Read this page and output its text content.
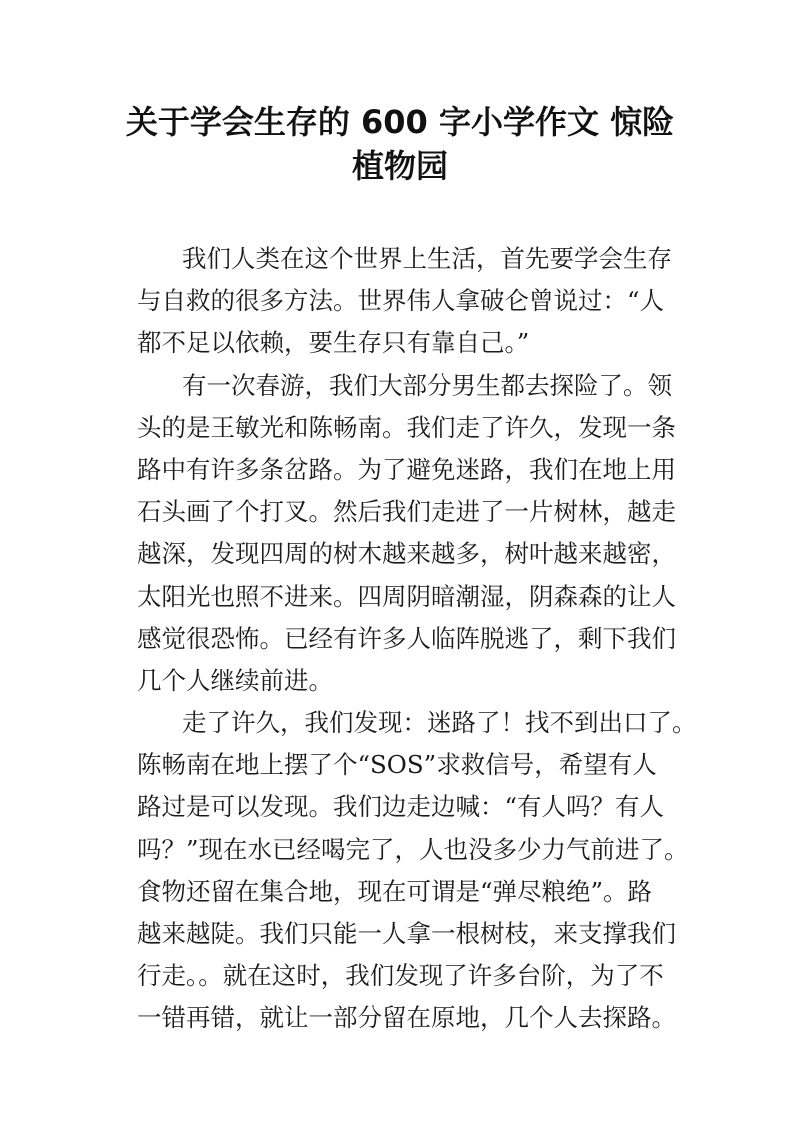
关于学会生存的 600 字小学作文 惊险
植物园
我们人类在这个世界上生活，首先要学会生存
与自救的很多方法。世界伟人拿破仑曾说过：“人
都不足以依赖，要生存只有靠自己。”
有一次春游，我们大部分男生都去探险了。领
头的是王敏光和陈畅南。我们走了许久，发现一条
路中有许多条岔路。为了避免迷路，我们在地上用
石头画了个打叉。然后我们走进了一片树林，越走
越深，发现四周的树木越来越多，树叶越来越密，
太阳光也照不进来。四周阴暗潮湿，阴森森的让人
感觉很恐怖。已经有许多人临阵脱逃了，剩下我们
几个人继续前进。
走了许久，我们发现：迷路了！找不到出口了。
陈畅南在地上摆了个“SOS”求救信号，希望有人
路过是可以发现。我们边走边喊：“有人吗？有人
吗？”现在水已经喝完了，人也没多少力气前进了。
食物还留在集合地，现在可谓是“弹尽粮绝”。路
越来越陡。我们只能一人拿一根树枝，来支撑我们
行走。。就在这时，我们发现了许多台阶，为了不
一错再错，就让一部分留在原地，几个人去探路。
